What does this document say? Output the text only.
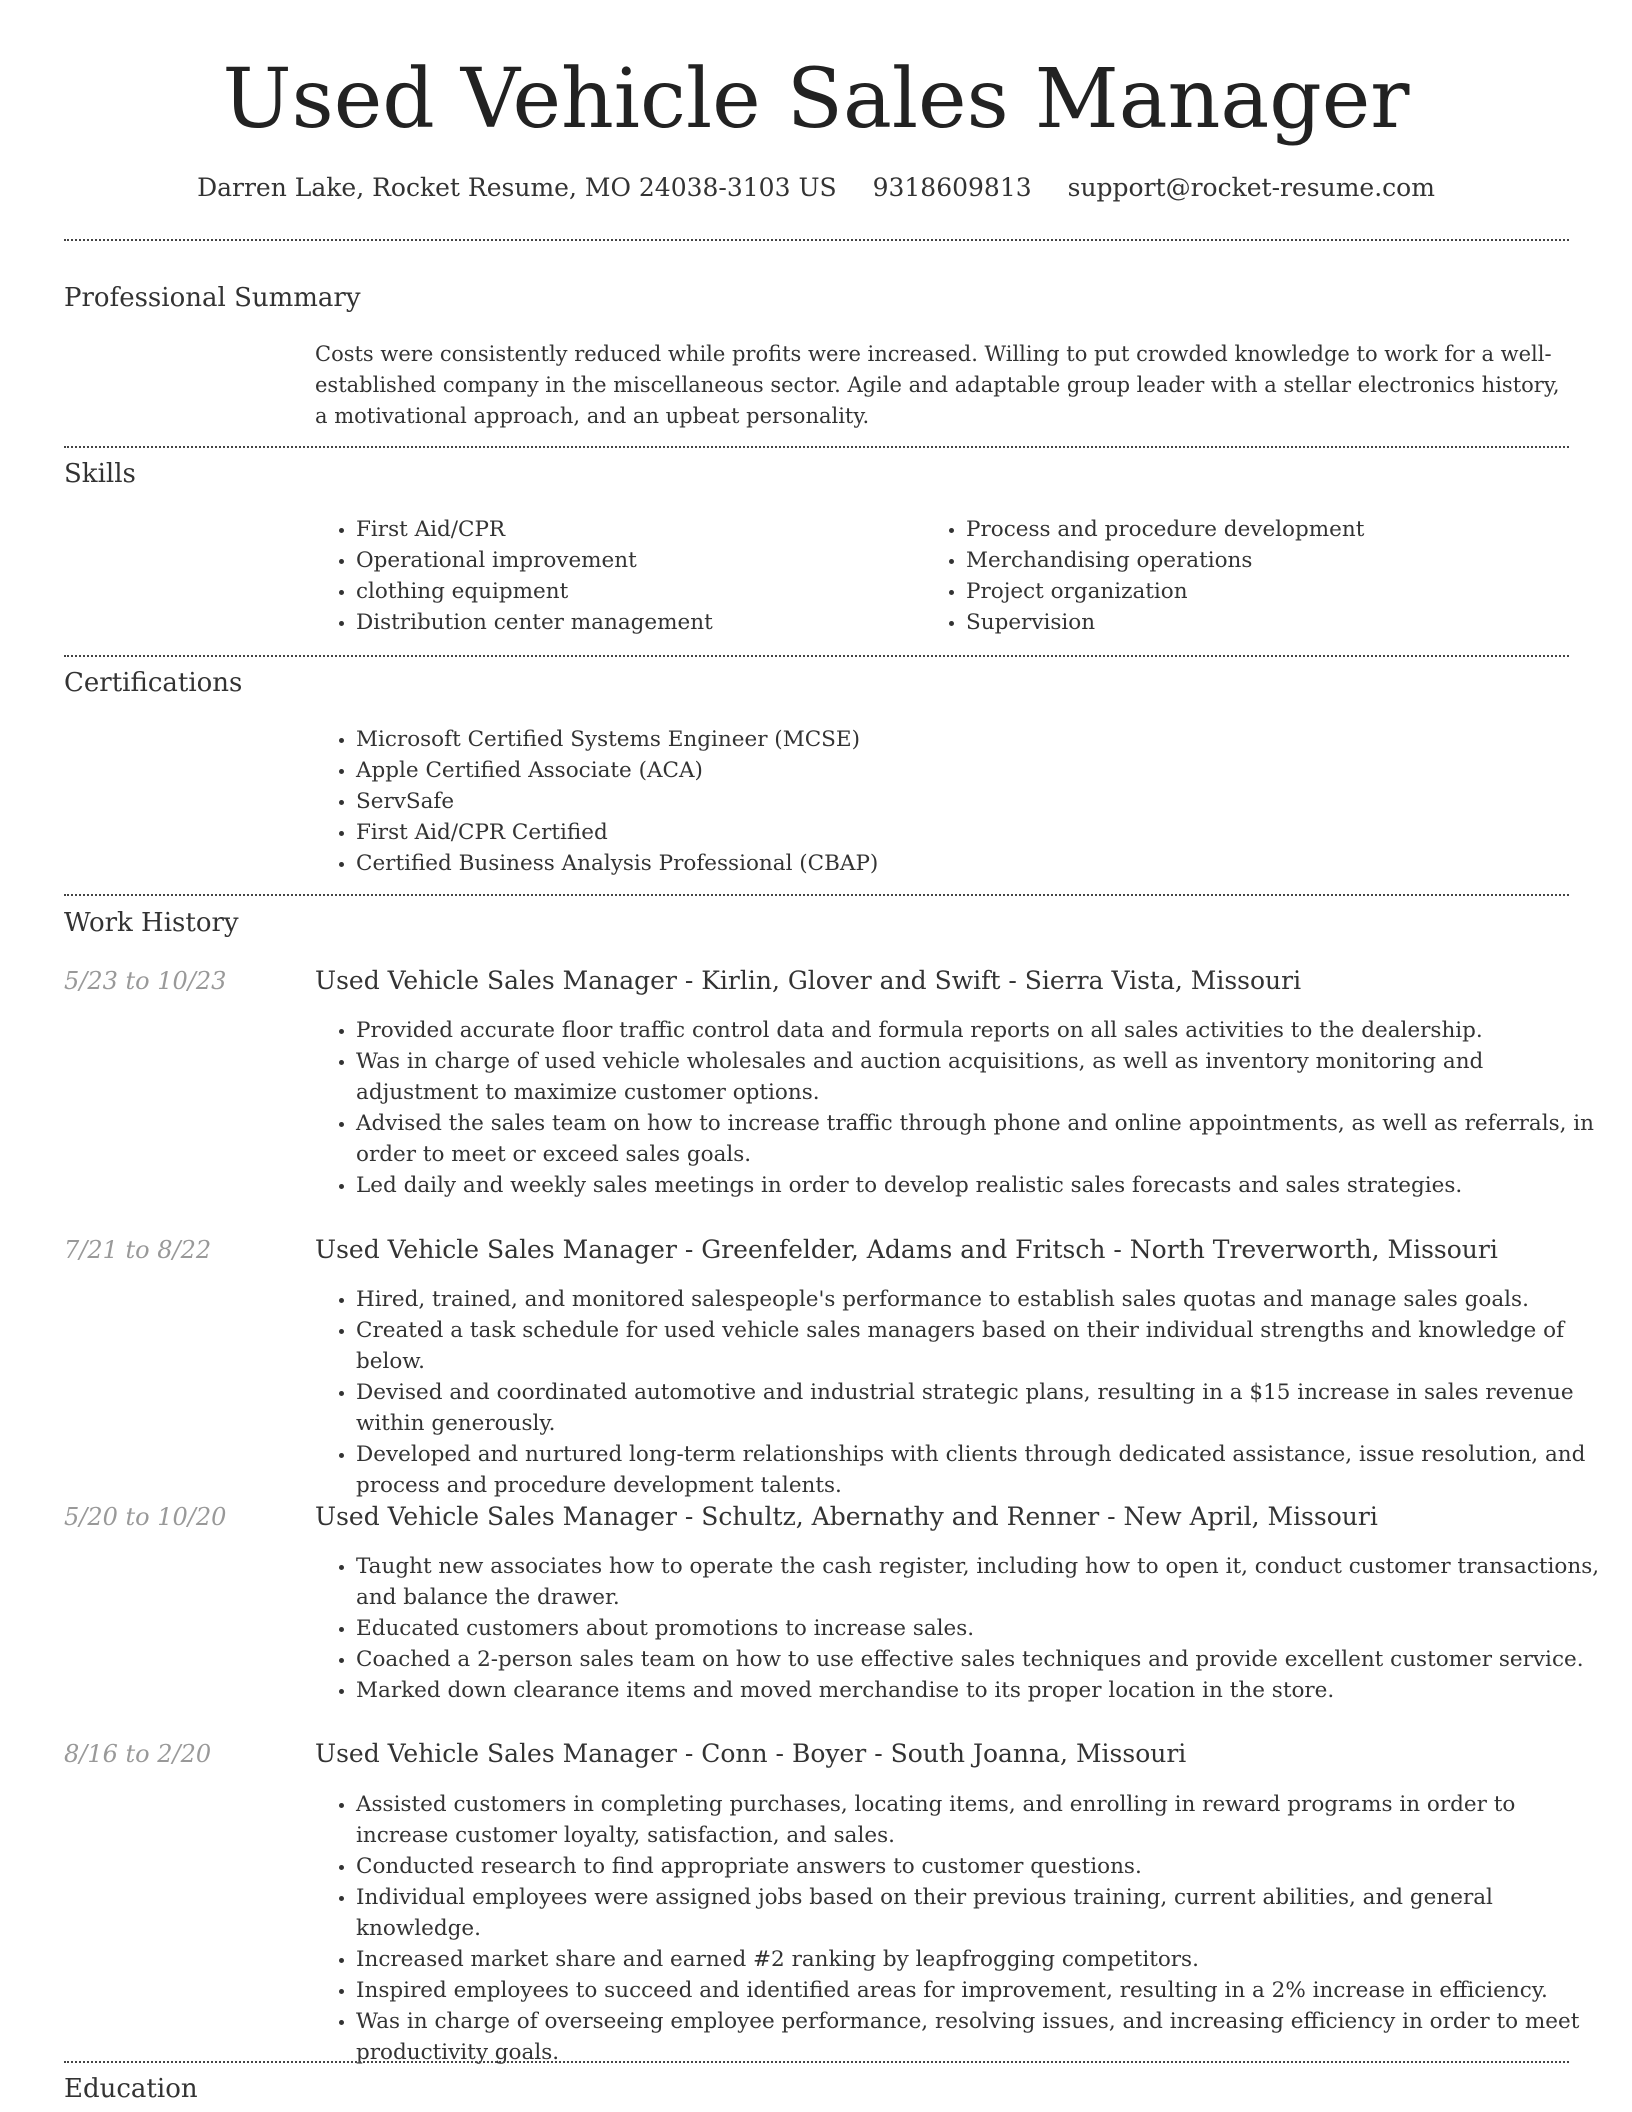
Used Vehicle Sales Manager
Darren Lake, Rocket Resume, MO 24038-3103 US 9318609813 support@rocket-resume.com
Professional Summary
Costs were consistently reduced while profits were increased. Willing to put crowded knowledge to work for a well-established company in the miscellaneous sector. Agile and adaptable group leader with a stellar electronics history, a motivational approach, and an upbeat personality.
Skills
• First Aid/CPR
• Operational improvement
• clothing equipment
• Distribution center management
• Process and procedure development
• Merchandising operations
• Project organization
• Supervision
Certifications
• Microsoft Certified Systems Engineer (MCSE)
• Apple Certified Associate (ACA)
• ServSafe
• First Aid/CPR Certified
• Certified Business Analysis Professional (CBAP)
Work History
5/23 to 10/23	Used Vehicle Sales Manager - Kirlin, Glover and Swift - Sierra Vista, Missouri
• Provided accurate floor traffic control data and formula reports on all sales activities to the dealership.
• Was in charge of used vehicle wholesales and auction acquisitions, as well as inventory monitoring and adjustment to maximize customer options.
• Advised the sales team on how to increase traffic through phone and online appointments, as well as referrals, in order to meet or exceed sales goals.
• Led daily and weekly sales meetings in order to develop realistic sales forecasts and sales strategies.
7/21 to 8/22	Used Vehicle Sales Manager - Greenfelder, Adams and Fritsch - North Treverworth, Missouri
• Hired, trained, and monitored salespeople's performance to establish sales quotas and manage sales goals.
• Created a task schedule for used vehicle sales managers based on their individual strengths and knowledge of below.
• Devised and coordinated automotive and industrial strategic plans, resulting in a $15 increase in sales revenue within generously.
• Developed and nurtured long-term relationships with clients through dedicated assistance, issue resolution, and process and procedure development talents.
5/20 to 10/20	Used Vehicle Sales Manager - Schultz, Abernathy and Renner - New April, Missouri
• Taught new associates how to operate the cash register, including how to open it, conduct customer transactions, and balance the drawer.
• Educated customers about promotions to increase sales.
• Coached a 2-person sales team on how to use effective sales techniques and provide excellent customer service.
• Marked down clearance items and moved merchandise to its proper location in the store.
8/16 to 2/20	Used Vehicle Sales Manager - Conn - Boyer - South Joanna, Missouri
• Assisted customers in completing purchases, locating items, and enrolling in reward programs in order to increase customer loyalty, satisfaction, and sales.
• Conducted research to find appropriate answers to customer questions.
• Individual employees were assigned jobs based on their previous training, current abilities, and general knowledge.
• Increased market share and earned #2 ranking by leapfrogging competitors.
• Inspired employees to succeed and identified areas for improvement, resulting in a 2% increase in efficiency.
• Was in charge of overseeing employee performance, resolving issues, and increasing efficiency in order to meet productivity goals.
Education
